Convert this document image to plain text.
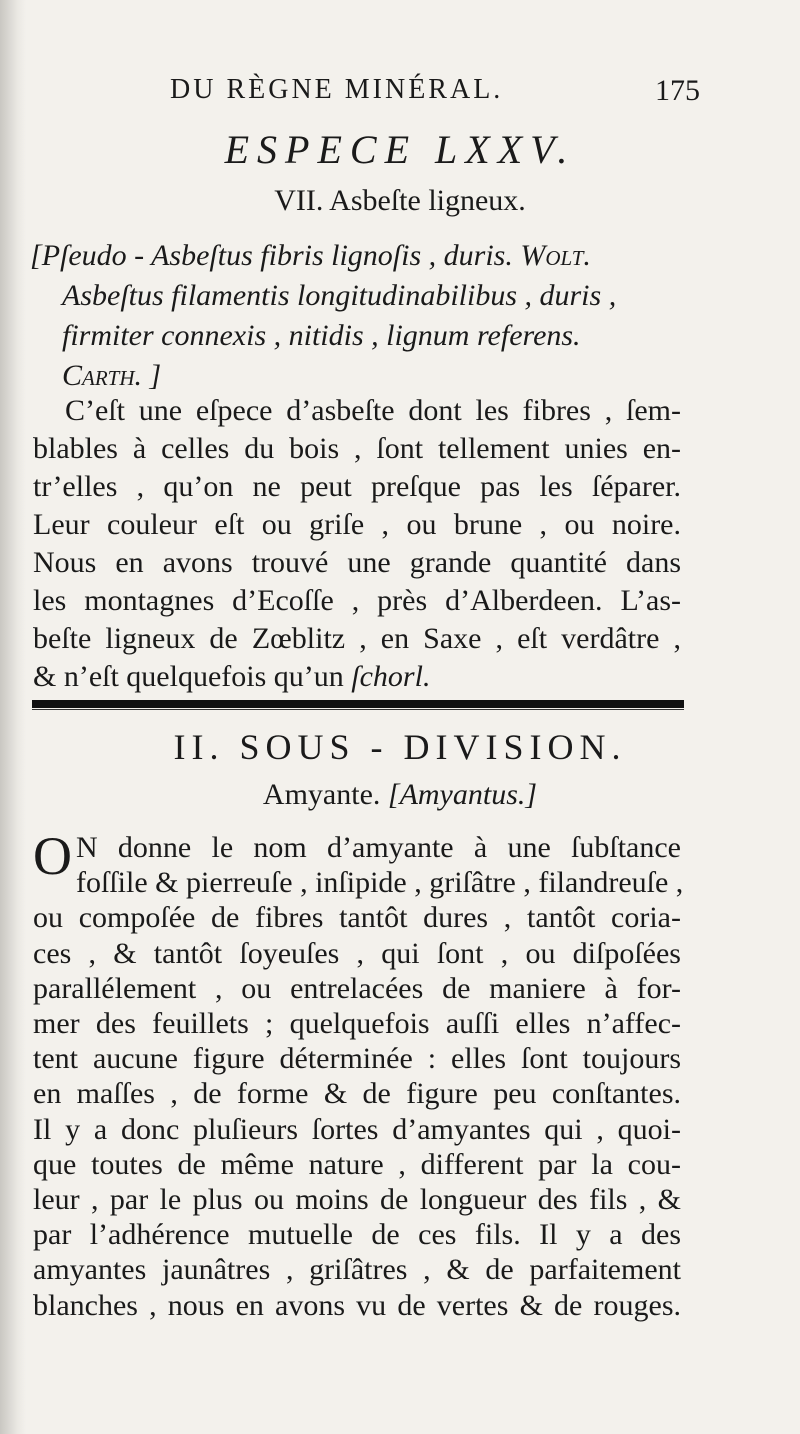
DU RÈGNE MINÉRAL.	175
ESPECE LXXV.
VII. Asbeſte ligneux.
[Pſeudo - Asbeſtus fibris lignoſis , duris. Wolt.
Asbeſtus filamentis longitudinabilibus , duris ,
firmiter connexis , nitidis , lignum referens.
Carth. ]
C’eſt une eſpece d’asbeſte dont les fibres , ſem-
blables à celles du bois , ſont tellement unies en-
tr’elles , qu’on ne peut preſque pas les ſéparer.
Leur couleur eſt ou griſe , ou brune , ou noire.
Nous en avons trouvé une grande quantité dans
les montagnes d’Ecoſſe , près d’Alberdeen. L’as-
beſte ligneux de Zœblitz , en Saxe , eſt verdâtre ,
& n’eſt quelquefois qu’un ſchorl.
II. SOUS - DIVISION.
Amyante. [Amyantus.]
O N donne le nom d’amyante à une ſubſtance
foſſile & pierreuſe , inſipide , griſâtre , filandreuſe ,
ou compoſée de fibres tantôt dures , tantôt coria-
ces , & tantôt ſoyeuſes , qui ſont , ou diſpoſées
parallélement , ou entrelacées de maniere à for-
mer des feuillets ; quelquefois auſſi elles n’affec-
tent aucune figure déterminée : elles ſont toujours
en maſſes , de forme & de figure peu conſtantes.
Il y a donc pluſieurs ſortes d’amyantes qui , quoi-
que toutes de même nature , different par la cou-
leur , par le plus ou moins de longueur des fils , &
par l’adhérence mutuelle de ces fils. Il y a des
amyantes jaunâtres , griſâtres , & de parfaitement
blanches , nous en avons vu de vertes & de rouges.
